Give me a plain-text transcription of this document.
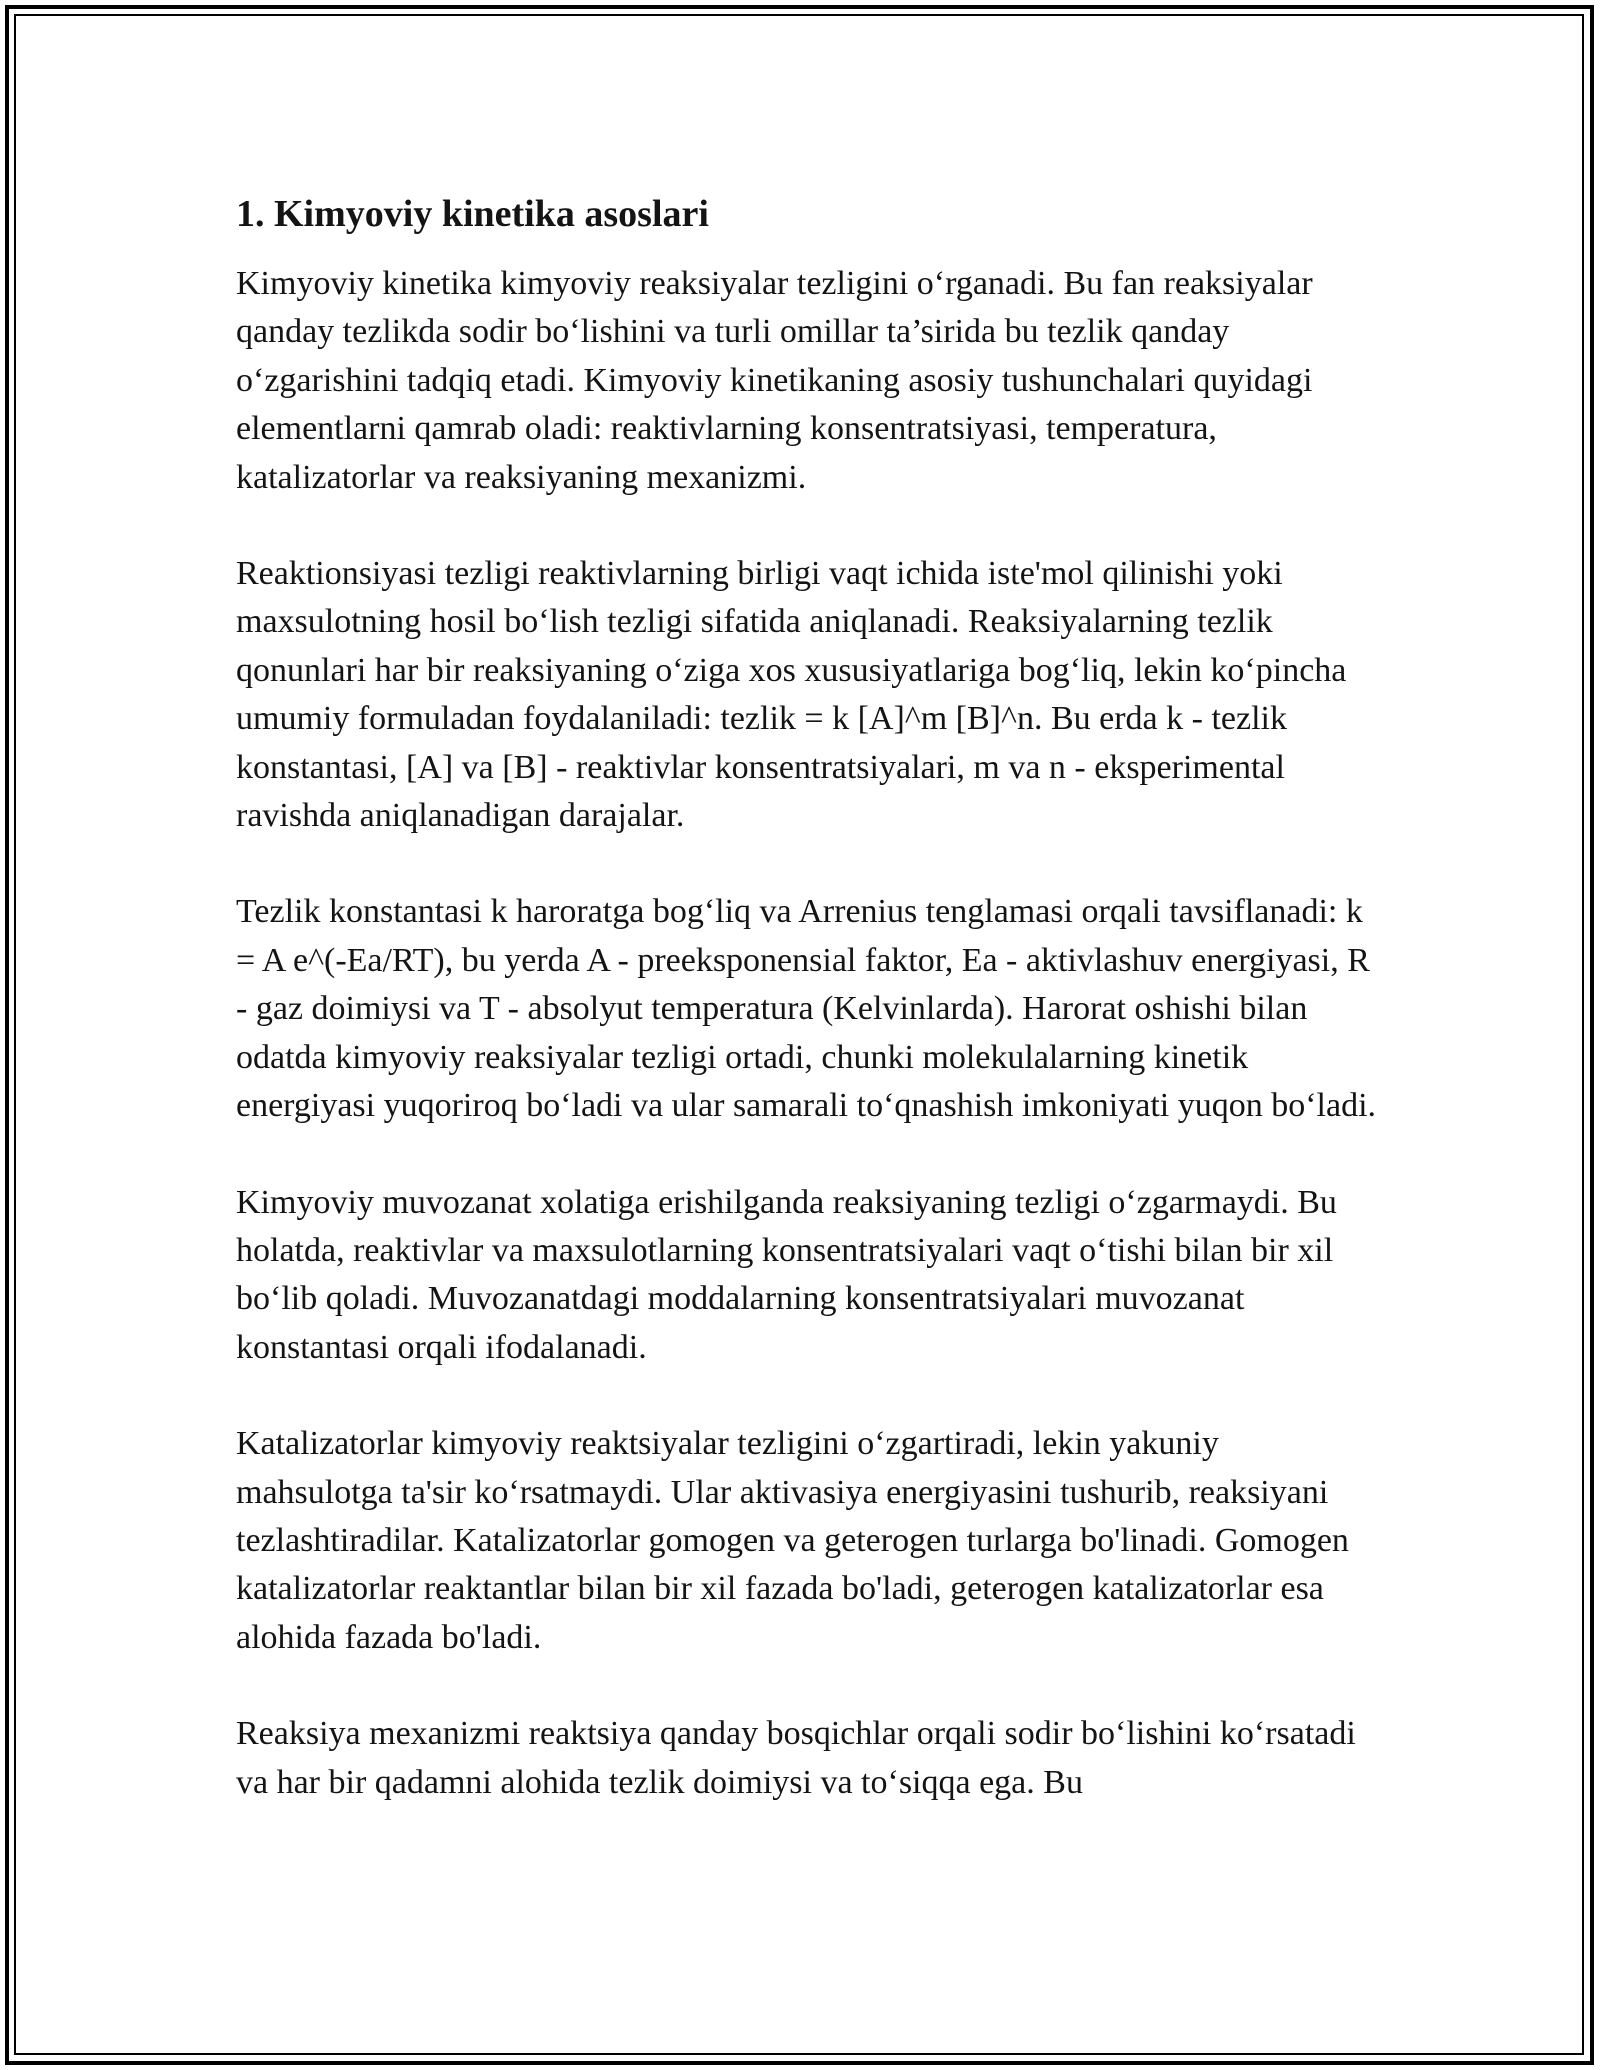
1. Kimyoviy kinetika asoslari

Kimyoviy kinetika kimyoviy reaksiyalar tezligini o‘rganadi. Bu fan reaksiyalar qanday tezlikda sodir bo‘lishini va turli omillar ta’sirida bu tezlik qanday o‘zgarishini tadqiq etadi. Kimyoviy kinetikaning asosiy tushunchalari quyidagi elementlarni qamrab oladi: reaktivlarning konsentratsiyasi, temperatura, katalizatorlar va reaksiyaning mexanizmi.

Reaktionsiyasi tezligi reaktivlarning birligi vaqt ichida iste'mol qilinishi yoki maxsulotning hosil bo‘lish tezligi sifatida aniqlanadi. Reaksiyalarning tezlik qonunlari har bir reaksiyaning o‘ziga xos xususiyatlariga bog‘liq, lekin ko‘pincha umumiy formuladan foydalaniladi: tezlik = k [A]^m [B]^n. Bu erda k - tezlik konstantasi, [A] va [B] - reaktivlar konsentratsiyalari, m va n - eksperimental ravishda aniqlanadigan darajalar.

Tezlik konstantasi k haroratga bog‘liq va Arrenius tenglamasi orqali tavsiflanadi: k = A e^(-Ea/RT), bu yerda A - preeksponensial faktor, Ea - aktivlashuv energiyasi, R - gaz doimiysi va T - absolyut temperatura (Kelvinlarda). Harorat oshishi bilan odatda kimyoviy reaksiyalar tezligi ortadi, chunki molekulalarning kinetik energiyasi yuqoriroq bo‘ladi va ular samarali to‘qnashish imkoniyati yuqon bo‘ladi.

Kimyoviy muvozanat xolatiga erishilganda reaksiyaning tezligi o‘zgarmaydi. Bu holatda, reaktivlar va maxsulotlarning konsentratsiyalari vaqt o‘tishi bilan bir xil bo‘lib qoladi. Muvozanatdagi moddalarning konsentratsiyalari muvozanat konstantasi orqali ifodalanadi.

Katalizatorlar kimyoviy reaktsiyalar tezligini o‘zgartiradi, lekin yakuniy mahsulotga ta'sir ko‘rsatmaydi. Ular aktivasiya energiyasini tushurib, reaksiyani tezlashtiradilar. Katalizatorlar gomogen va geterogen turlarga bo'linadi. Gomogen katalizatorlar reaktantlar bilan bir xil fazada bo'ladi, geterogen katalizatorlar esa alohida fazada bo'ladi.

Reaksiya mexanizmi reaktsiya qanday bosqichlar orqali sodir bo‘lishini ko‘rsatadi va har bir qadamni alohida tezlik doimiysi va to‘siqqa ega. Bu
